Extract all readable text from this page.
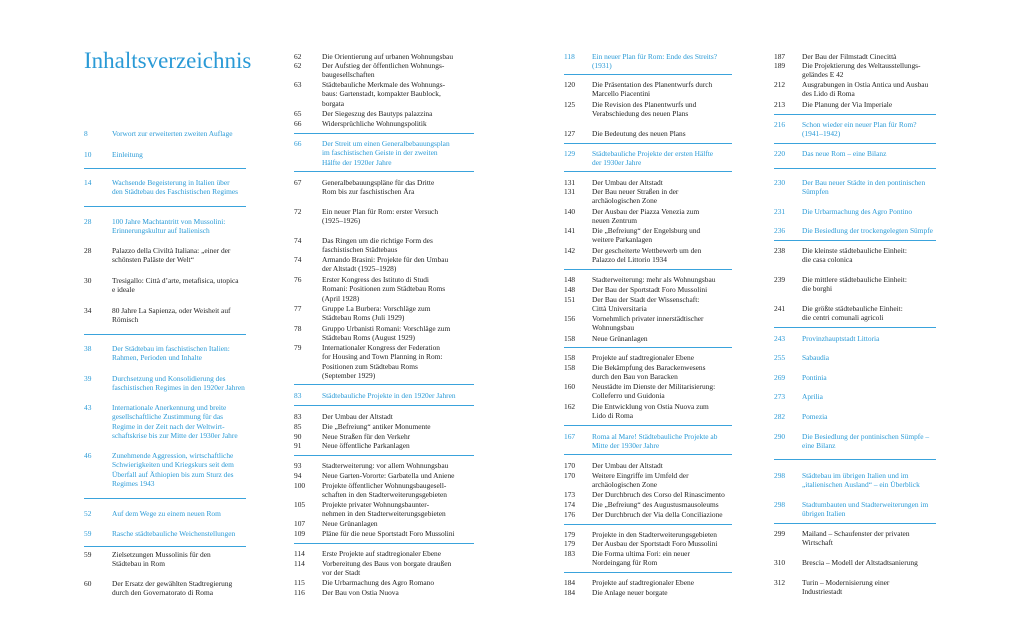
Inhaltsverzeichnis
8	Vorwort zur erweiterten zweiten Auflage
10	Einleitung
14	Wachsende Begeisterung in Italien über
den Städtebau des Faschistischen Regimes
28	100 Jahre Machtantritt von Mussolini:
Erinnerungskultur auf Italienisch
28	Palazzo della Civiltà Italiana: „einer der
schönsten Paläste der Welt“
30	Tresigallo: Città d’arte, metafisica, utopica
e ideale
34	80 Jahre La Sapienza, oder Weisheit auf
Römisch
38	Der Städtebau im faschistischen Italien:
Rahmen, Perioden und Inhalte
39	Durchsetzung und Konsolidierung des
faschistischen Regimes in den 1920er Jahren
43	Internationale Anerkennung und breite
gesellschaftliche Zustimmung für das
Regime in der Zeit nach der Weltwirt-
schaftskrise bis zur Mitte der 1930er Jahre
46	Zunehmende Aggression, wirtschaftliche
Schwierigkeiten und Kriegskurs seit dem
Überfall auf Äthiopien bis zum Sturz des
Regimes 1943
52	Auf dem Wege zu einem neuen Rom
59	Rasche städtebauliche Weichenstellungen
59	Zielsetzungen Mussolinis für den
Städtebau in Rom
60	Der Ersatz der gewählten Stadtregierung
durch den Governatorato di Roma
62	Die Orientierung auf urbanen Wohnungsbau
62	Der Aufstieg der öffentlichen Wohnungs-
baugesellschaften
63	Städtebauliche Merkmale des Wohnungs-
baus: Gartenstadt, kompakter Baublock,
borgata
65	Der Siegeszug des Bautyps palazzina
66	Widersprüchliche Wohnungspolitik
66	Der Streit um einen Generalbebauungsplan
im faschistischen Geiste in der zweiten
Hälfte der 1920er Jahre
67	Generalbebauungspläne für das Dritte
Rom bis zur faschistischen Ära
72	Ein neuer Plan für Rom: erster Versuch
(1925–1926)
74	Das Ringen um die richtige Form des
faschistischen Städtebaus
74	Armando Brasini: Projekte für den Umbau
der Altstadt (1925–1928)
76	Erster Kongress des Istituto di Studi
Romani: Positionen zum Städtebau Roms
(April 1928)
77	Gruppe La Burbera: Vorschläge zum
Städtebau Roms (Juli 1929)
78	Gruppo Urbanisti Romani: Vorschläge zum
Städtebau Roms (August 1929)
79	Internationaler Kongress der Federation
for Housing and Town Planning in Rom:
Positionen zum Städtebau Roms
(September 1929)
83	Städtebauliche Projekte in den 1920er Jahren
83	Der Umbau der Altstadt
85	Die „Befreiung“ antiker Monumente
90	Neue Straßen für den Verkehr
91	Neue öffentliche Parkanlagen
93	Stadterweiterung: vor allem Wohnungsbau
94	Neue Garten-Vororte: Garbatella und Aniene
100	Projekte öffentlicher Wohnungsbaugesell-
schaften in den Stadterweiterungsgebieten
105	Projekte privater Wohnungsbaunter-
nehmen in den Stadterweiterungsgebieten
107	Neue Grünanlagen
109	Pläne für die neue Sportstadt Foro Mussolini
114	Erste Projekte auf stadtregionaler Ebene
114	Vorbereitung des Baus von borgate draußen
vor der Stadt
115	Die Urbarmachung des Agro Romano
116	Der Bau von Ostia Nuova
118	Ein neuer Plan für Rom: Ende des Streits?
(1931)
120	Die Präsentation des Planentwurfs durch
Marcello Piacentini
125	Die Revision des Planentwurfs und
Verabschiedung des neuen Plans
127	Die Bedeutung des neuen Plans
129	Städtebauliche Projekte der ersten Hälfte
der 1930er Jahre
131	Der Umbau der Altstadt
131	Der Bau neuer Straßen in der
archäologischen Zone
140	Der Ausbau der Piazza Venezia zum
neuen Zentrum
141	Die „Befreiung“ der Engelsburg und
weitere Parkanlagen
142	Der gescheiterte Wettbewerb um den
Palazzo del Littorio 1934
148	Stadterweiterung: mehr als Wohnungsbau
148	Der Bau der Sportstadt Foro Mussolini
151	Der Bau der Stadt der Wissenschaft:
Città Universitaria
156	Vornehmlich privater innerstädtischer
Wohnungsbau
158	Neue Grünanlagen
158	Projekte auf stadtregionaler Ebene
158	Die Bekämpfung des Barackenwesens
durch den Bau von Baracken
160	Neustädte im Dienste der Militarisierung:
Colleferro und Guidonia
162	Die Entwicklung von Ostia Nuova zum
Lido di Roma
167	Roma al Mare! Städtebauliche Projekte ab
Mitte der 1930er Jahre
170	Der Umbau der Altstadt
170	Weitere Eingriffe im Umfeld der
archäologischen Zone
173	Der Durchbruch des Corso del Rinascimento
174	Die „Befreiung“ des Augustusmausoleums
176	Der Durchbruch der Via della Conciliazione
179	Projekte in den Stadterweiterungsgebieten
179	Der Ausbau der Sportstadt Foro Mussolini
183	Die Forma ultima Fori: ein neuer
Nordeingang für Rom
184	Projekte auf stadtregionaler Ebene
184	Die Anlage neuer borgate
187	Der Bau der Filmstadt Cinecittà
189	Die Projektierung des Weltausstellungs-
geländes E 42
212	Ausgrabungen in Ostia Antica und Ausbau
des Lido di Roma
213	Die Planung der Via Imperiale
216	Schon wieder ein neuer Plan für Rom?
(1941–1942)
220	Das neue Rom – eine Bilanz
230	Der Bau neuer Städte in den pontinischen
Sümpfen
231	Die Urbarmachung des Agro Pontino
236	Die Besiedlung der trockengelegten Sümpfe
238	Die kleinste städtebauliche Einheit:
die casa colonica
239	Die mittlere städtebauliche Einheit:
die borghi
241	Die größte städtebauliche Einheit:
die centri comunali agricoli
243	Provinzhauptstadt Littoria
255	Sabaudia
269	Pontinia
273	Aprilia
282	Pomezia
290	Die Besiedlung der pontinischen Sümpfe –
eine Bilanz
298	Städtebau im übrigen Italien und im
„italienischen Ausland“ – ein Überblick
298	Stadtumbauten und Stadterweiterungen im
übrigen Italien
299	Mailand – Schaufenster der privaten
Wirtschaft
310	Brescia – Modell der Altstadtsanierung
312	Turin – Modernisierung einer
Industriestadt
